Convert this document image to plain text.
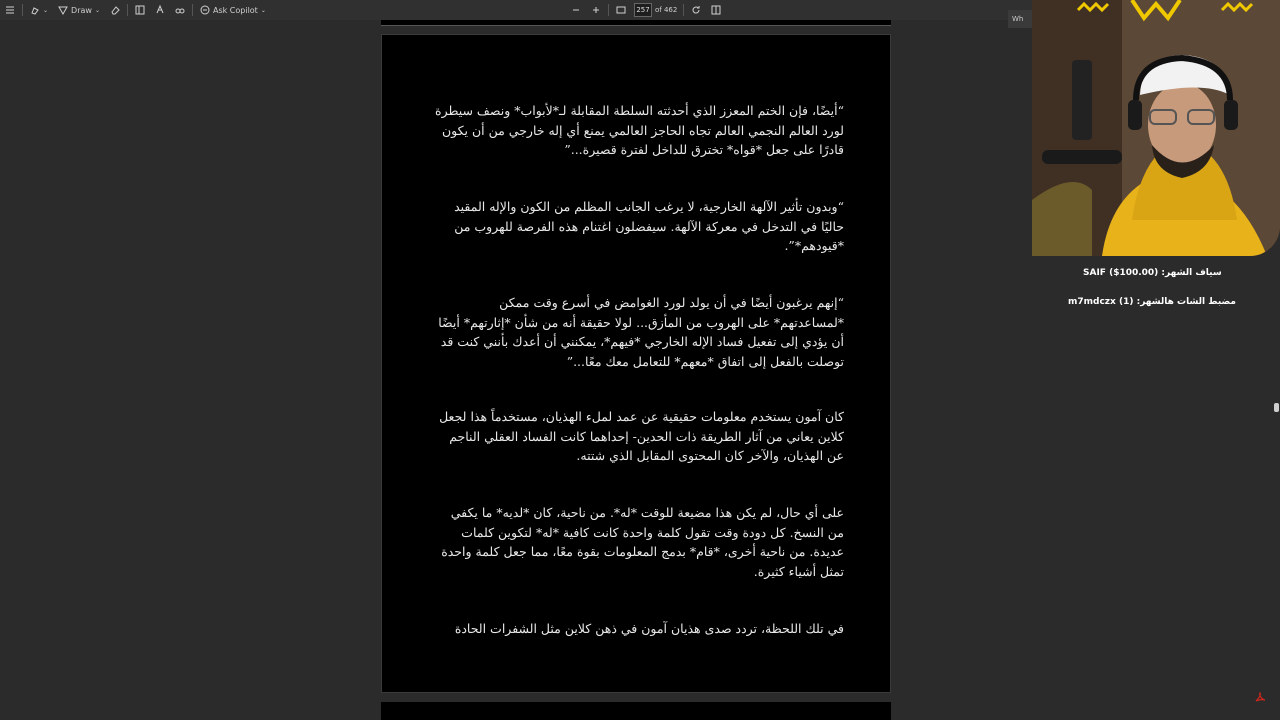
⌄	Draw ⌄	Ask Copilot ⌄	257 of 462

“أيضًا، فإن الختم المعزز الذي أحدثته السلطة المقابلة لـ*لأبواب* ونصف سيطرة لورد العالم النجمي العالم تجاه الحاجز العالمي يمنع أي إله خارجي من أن يكون قادرًا على جعل *قواه* تخترق للداخل لفترة قصيرة...”

“وبدون تأثير الآلهة الخارجية، لا يرغب الجانب المظلم من الكون والإله المقيد حاليًا في التدخل في معركة الآلهة. سيفضلون اغتنام هذه الفرصة للهروب من *قيودهم*”.

“إنهم يرغبون أيضًا في أن يولد لورد الغوامض في أسرع وقت ممكن *لمساعدتهم* على الهروب من المأزق... لولا حقيقة أنه من شأن *إثارتهم* أيضًا أن يؤدي إلى تفعيل فساد الإله الخارجي *فيهم*، يمكنني أن أعدك بأنني كنت قد توصلت بالفعل إلى اتفاق *معهم* للتعامل معك معًا...”

كان آمون يستخدم معلومات حقيقية عن عمد لملء الهذيان، مستخدماً هذا لجعل كلاين يعاني من آثار الطريقة ذات الحدين- إحداهما كانت الفساد العقلي الناجم عن الهذيان، والآخر كان المحتوى المقابل الذي شتته.

على أي حال، لم يكن هذا مضيعة للوقت *له*. من ناحية، كان *لديه* ما يكفي من النسخ. كل دودة وقت تقول كلمة واحدة كانت كافية *له* لتكوين كلمات عديدة. من ناحية أخرى، *قام* بدمج المعلومات بقوة معًا، مما جعل كلمة واحدة تمثل أشياء كثيرة.

في تلك اللحظة، تردد صدى هذيان آمون في ذهن كلاين مثل الشفرات الحادة

Wh
SAIF ($100.00) :سياف الشهر
m7mdczx (1) :مضبط الشات هالشهر
